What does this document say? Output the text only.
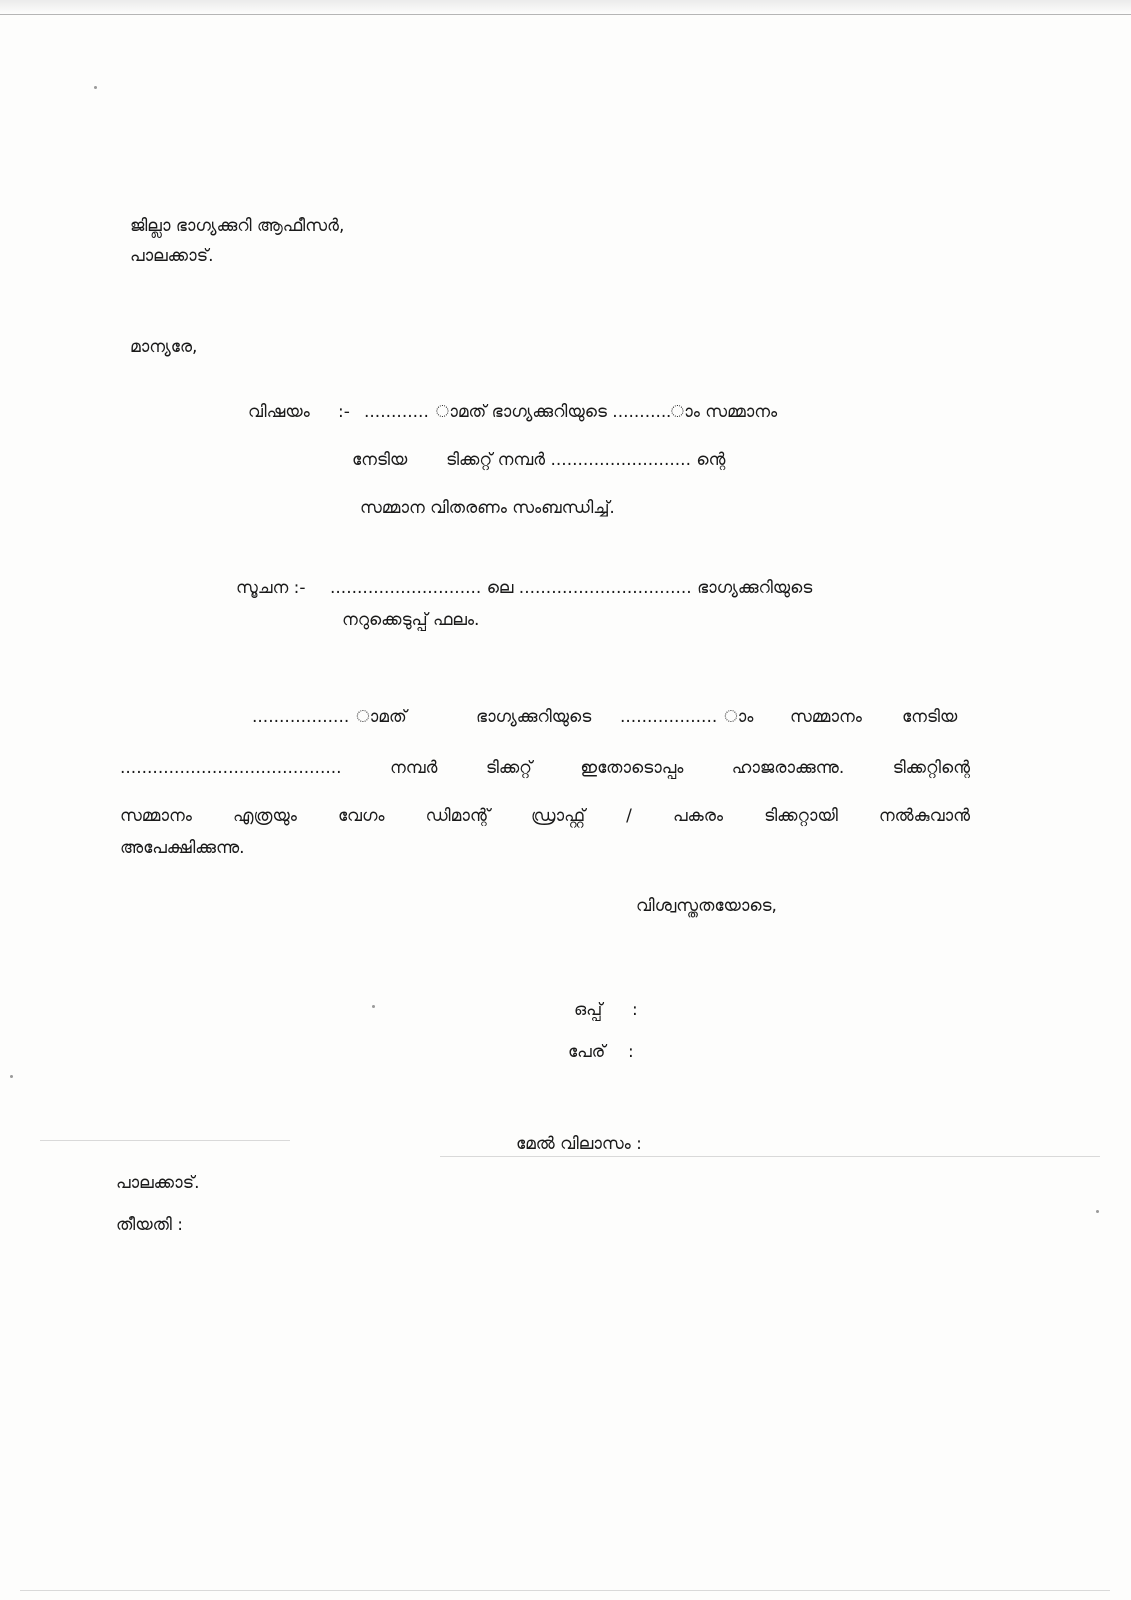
ജില്ലാ ഭാഗ്യക്കുറി ആഫീസർ,
പാലക്കാട്.
മാന്യരേ,
വിഷയം :- ............ ാമത് ഭാഗ്യക്കുറിയുടെ ...........ാം സമ്മാനം
നേടിയ ടിക്കറ്റ് നമ്പർ .......................... ന്റെ
സമ്മാന വിതരണം സംബന്ധിച്ച്.
സൂചന :- ............................ ലെ ................................ ഭാഗ്യക്കുറിയുടെ
നറുക്കെടുപ്പ് ഫലം.
.................. ാമത്	ഭാഗ്യക്കുറിയുടെ .................. ാം സമ്മാനം നേടിയ
......................................... നമ്പർ ടിക്കറ്റ് ഇതോടൊപ്പം ഹാജരാക്കുന്നു. ടിക്കറ്റിന്റെ
സമ്മാനം എത്രയും വേഗം ഡിമാന്റ് ഡ്രാഫ്റ്റ് / പകരം ടിക്കറ്റായി നൽകുവാൻ
അപേക്ഷിക്കുന്നു.
വിശ്വസ്തതയോടെ,
ഒപ്പ് :
പേര് :
മേൽ വിലാസം :
പാലക്കാട്.
തീയതി :
